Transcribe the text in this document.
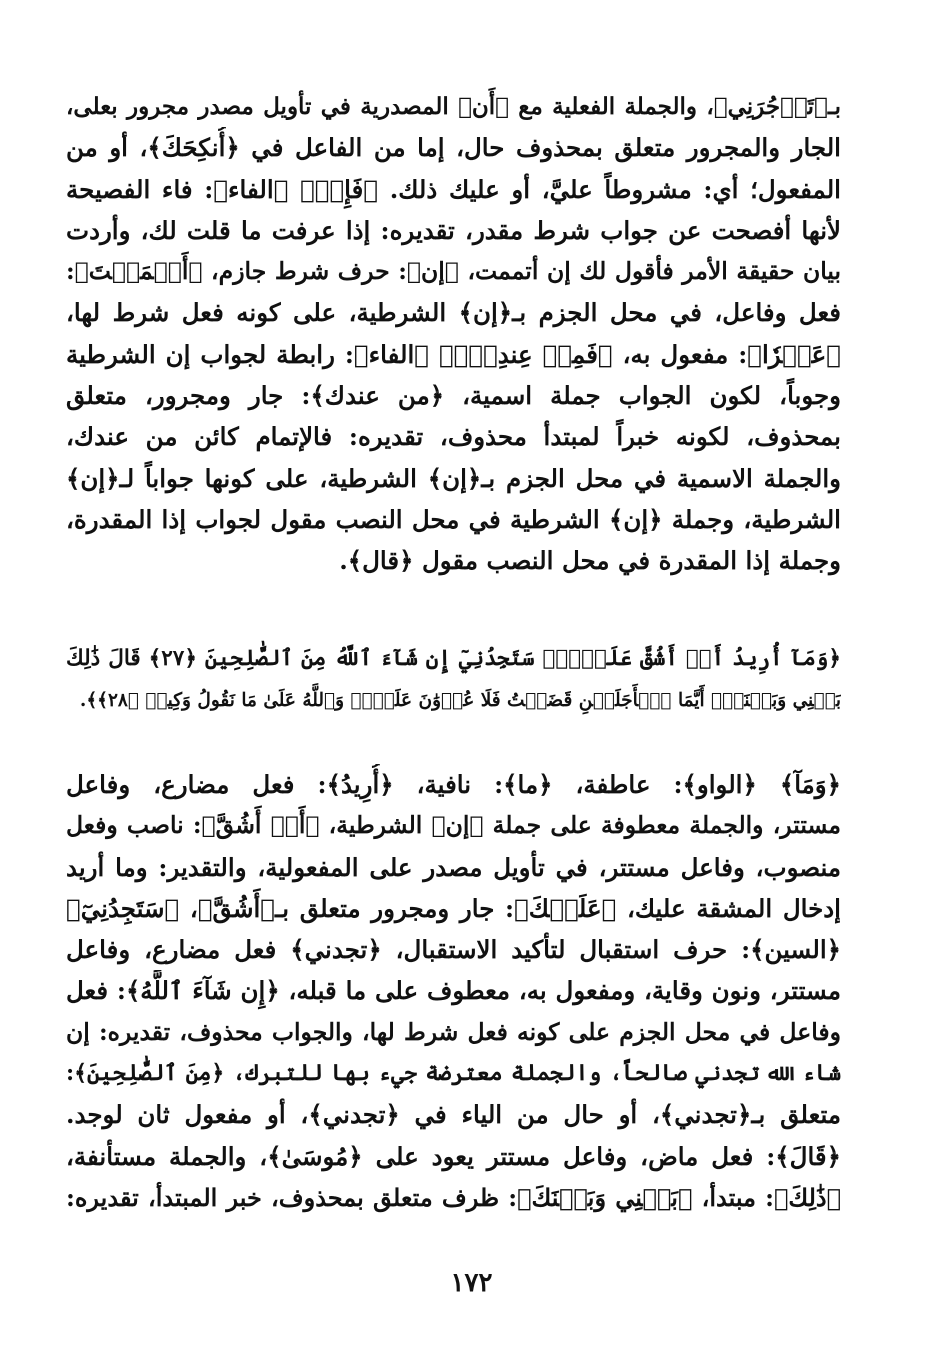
بـ﴿تَأۡجُرَنِي﴾، والجملة الفعلية مع ﴿أَن﴾ المصدرية في تأويل مصدر مجرور بعلى،
الجار والمجرور متعلق بمحذوف حال، إما من الفاعل في ﴿أُنكِحَكَ﴾، أو من
المفعول؛ أي: مشروطاً عليَّ، أو عليك ذلك. ﴿فَإِنۡ﴾ ﴿الفاء﴾: فاء الفصيحة
لأنها أفصحت عن جواب شرط مقدر، تقديره: إذا عرفت ما قلت لك، وأردت
بيان حقيقة الأمر فأقول لك إن أتممت، ﴿إن﴾: حرف شرط جازم، ﴿أَتۡمَمۡتَ﴾:
فعل وفاعل، في محل الجزم بـ﴿إن﴾ الشرطية، على كونه فعل شرط لها،
﴿عَشۡرٗا﴾: مفعول به، ﴿فَمِنۡ عِندِكَۖ﴾ ﴿الفاء﴾: رابطة لجواب إن الشرطية
وجوباً، لكون الجواب جملة اسمية، ﴿من عندك﴾: جار ومجرور، متعلق
بمحذوف، لكونه خبراً لمبتدأ محذوف، تقديره: فالإتمام كائن من عندك،
والجملة الاسمية في محل الجزم بـ﴿إن﴾ الشرطية، على كونها جواباً لـ﴿إن﴾
الشرطية، وجملة ﴿إن﴾ الشرطية في محل النصب مقول لجواب إذا المقدرة،
وجملة إذا المقدرة في محل النصب مقول ﴿قال﴾.
﴿وَمَآ أُرِيدُ أَنۡ أَشُقَّ عَلَيۡكَۚ سَتَجِدُنِيٓ إِن شَآءَ ٱللَّهُ مِنَ ٱلصَّٰلِحِينَ ﴿٢٧﴾ قَالَ ذَٰلِكَ
بَيۡنِي وَبَيۡنَكَۖ أَيَّمَا ٱلۡأَجَلَيۡنِ قَضَيۡتُ فَلَا عُدۡوَٰنَ عَلَيَّۖ وَٱللَّهُ عَلَىٰ مَا نَقُولُ وَكِيلٞ ﴿٢٨﴾﴾.
﴿وَمَآ﴾ ﴿الواو﴾: عاطفة، ﴿ما﴾: نافية، ﴿أُرِيدُ﴾: فعل مضارع، وفاعل
مستتر، والجملة معطوفة على جملة ﴿إن﴾ الشرطية، ﴿أَنۡ أَشُقَّ﴾: ناصب وفعل
منصوب، وفاعل مستتر، في تأويل مصدر على المفعولية، والتقدير: وما أريد
إدخال المشقة عليك، ﴿عَلَيۡكَ﴾: جار ومجرور متعلق بـ﴿أَشُقَّ﴾، ﴿سَتَجِدُنِيٓ﴾
﴿السين﴾: حرف استقبال لتأكيد الاستقبال، ﴿تجدني﴾ فعل مضارع، وفاعل
مستتر، ونون وقاية، ومفعول به، معطوف على ما قبله، ﴿إِن شَآءَ ٱللَّهُ﴾: فعل
وفاعل في محل الجزم على كونه فعل شرط لها، والجواب محذوف، تقديره: إن
شاء الله تجدني صالحاً، والجملة معترضة جيء بها للتبرك، ﴿مِنَ ٱلصَّٰلِحِينَ﴾:
متعلق بـ﴿تجدني﴾، أو حال من الياء في ﴿تجدني﴾، أو مفعول ثان لوجد.
﴿قَالَ﴾: فعل ماض، وفاعل مستتر يعود على ﴿مُوسَىٰ﴾، والجملة مستأنفة،
﴿ذَٰلِكَ﴾: مبتدأ، ﴿بَيۡنِي وَبَيۡنَكَ﴾: ظرف متعلق بمحذوف، خبر المبتدأ، تقديره:
١٧٢
